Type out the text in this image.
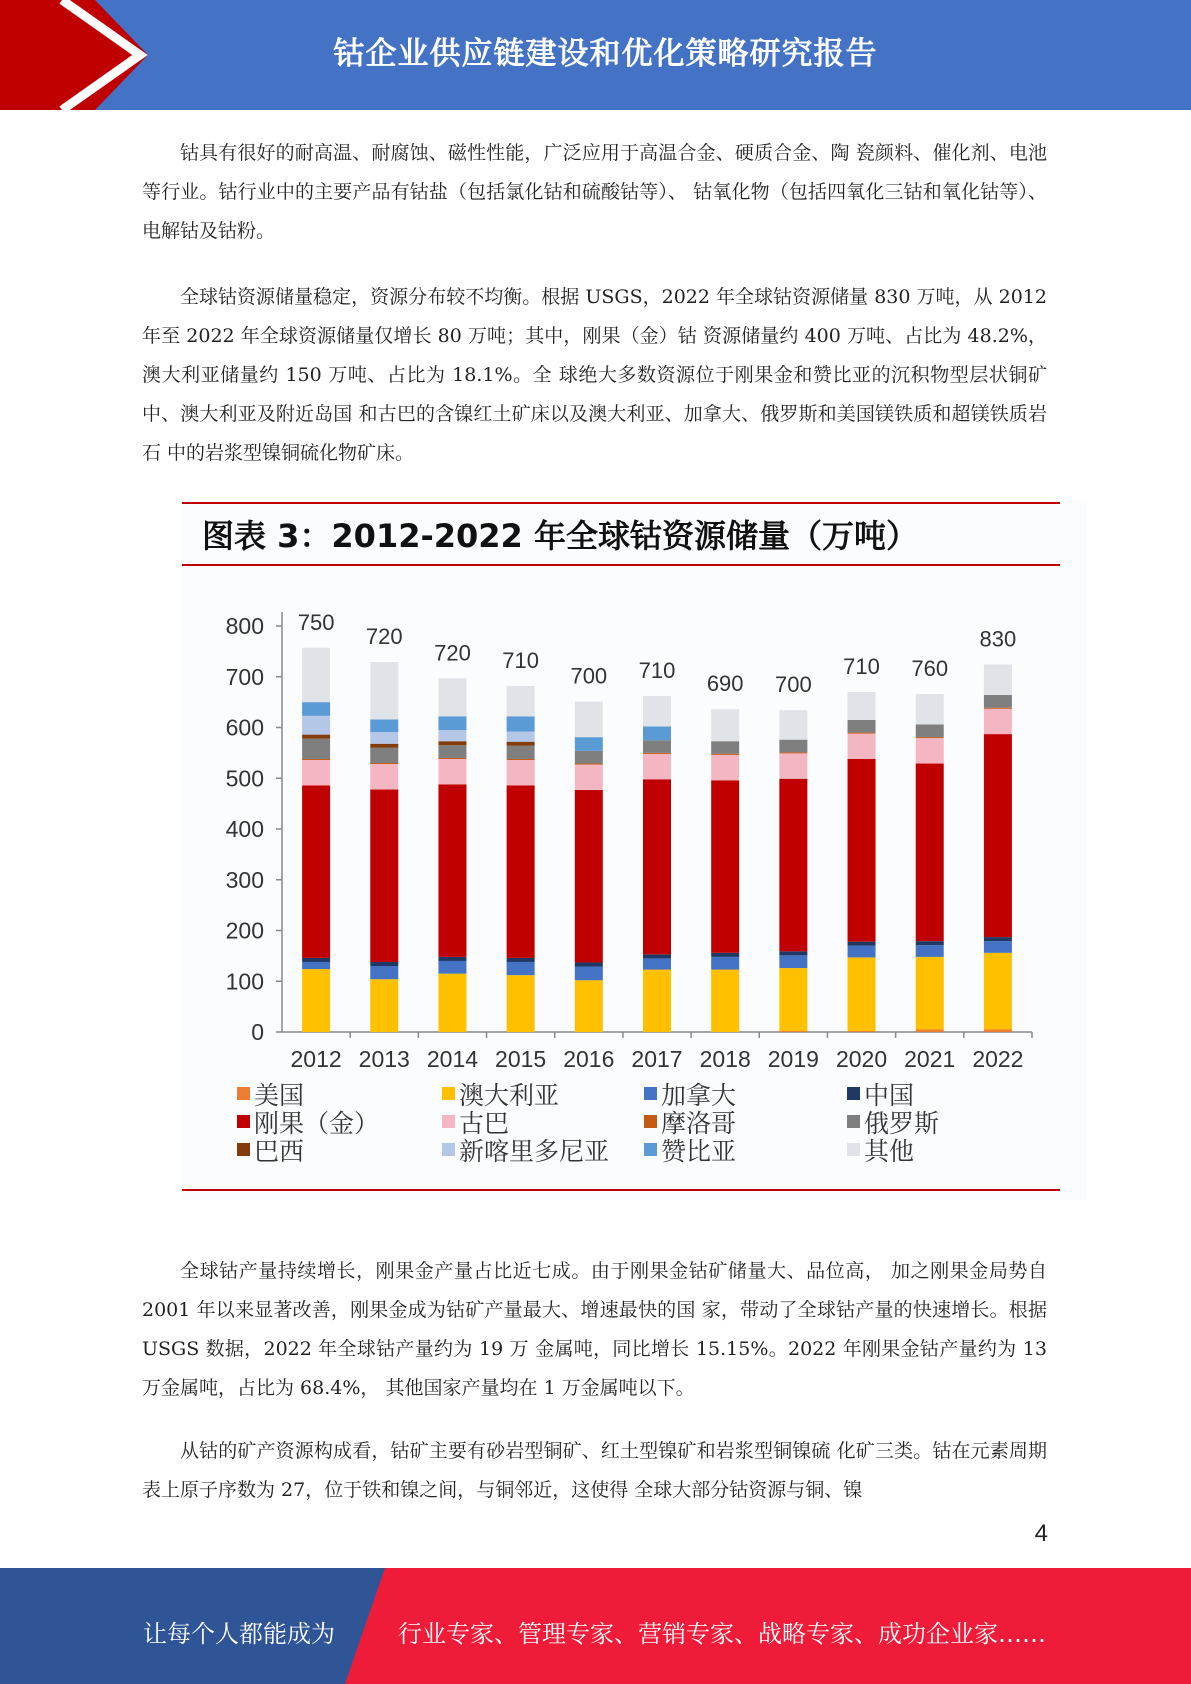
钴企业供应链建设和优化策略研究报告

钴具有很好的耐高温、耐腐蚀、磁性性能，广泛应用于高温合金、硬质合金、陶 瓷颜料、催化剂、电池等行业。钴行业中的主要产品有钴盐（包括氯化钴和硫酸钴等）、 钴氧化物（包括四氧化三钴和氧化钴等）、电解钴及钴粉。

全球钴资源储量稳定，资源分布较不均衡。根据 USGS，2022 年全球钴资源储量 830 万吨，从 2012 年至 2022 年全球资源储量仅增长 80 万吨；其中，刚果（金）钴 资源储量约 400 万吨、占比为 48.2%，澳大利亚储量约 150 万吨、占比为 18.1%。全 球绝大多数资源位于刚果金和赞比亚的沉积物型层状铜矿中、澳大利亚及附近岛国 和古巴的含镍红土矿床以及澳大利亚、加拿大、俄罗斯和美国镁铁质和超镁铁质岩石 中的岩浆型镍铜硫化物矿床。

图表 3：2012-2022 年全球钴资源储量（万吨）
0
100
200
300
400
500
600
700
800
2012
750
2013
720
2014
720
2015
710
2016
700
2017
710
2018
690
2019
700
2020
710
2021
760
2022
830
美国	澳大利亚	加拿大	中国
刚果（金）	古巴	摩洛哥	俄罗斯
巴西	新喀里多尼亚 赞比亚	其他

全球钴产量持续增长，刚果金产量占比近七成。由于刚果金钴矿储量大、品位高， 加之刚果金局势自 2001 年以来显著改善，刚果金成为钴矿产量最大、增速最快的国 家，带动了全球钴产量的快速增长。根据 USGS 数据，2022 年全球钴产量约为 19 万 金属吨，同比增长 15.15%。2022 年刚果金钴产量约为 13 万金属吨，占比为 68.4%， 其他国家产量均在 1 万金属吨以下。

从钴的矿产资源构成看，钴矿主要有砂岩型铜矿、红土型镍矿和岩浆型铜镍硫 化矿三类。钴在元素周期表上原子序数为 27，位于铁和镍之间，与铜邻近，这使得 全球大部分钴资源与铜、镍

4
让每个人都能成为	行业专家、管理专家、营销专家、战略专家、成功企业家……
